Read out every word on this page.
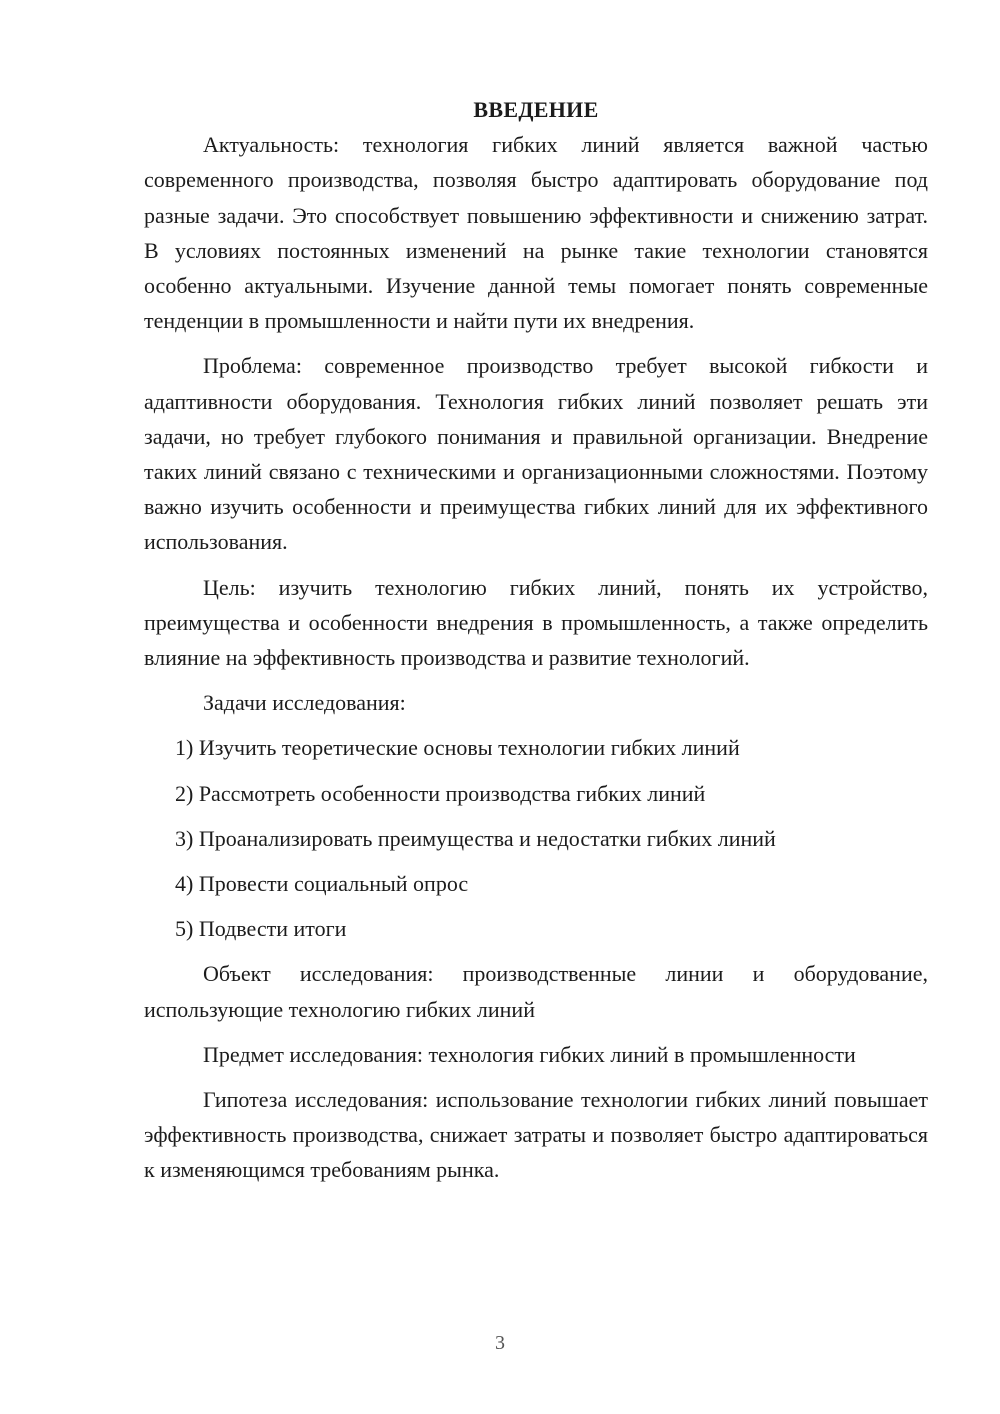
ВВЕДЕНИЕ

Актуальность: технология гибких линий является важной частью современного производства, позволяя быстро адаптировать оборудование под разные задачи. Это способствует повышению эффективности и снижению затрат. В условиях постоянных изменений на рынке такие технологии становятся особенно актуальными. Изучение данной темы помогает понять современные тенденции в промышленности и найти пути их внедрения.

Проблема: современное производство требует высокой гибкости и адаптивности оборудования. Технология гибких линий позволяет решать эти задачи, но требует глубокого понимания и правильной организации. Внедрение таких линий связано с техническими и организационными сложностями. Поэтому важно изучить особенности и преимущества гибких линий для их эффективного использования.

Цель: изучить технологию гибких линий, понять их устройство, преимущества и особенности внедрения в промышленность, а также определить влияние на эффективность производства и развитие технологий.

Задачи исследования:

1) Изучить теоретические основы технологии гибких линий
2) Рассмотреть особенности производства гибких линий
3) Проанализировать преимущества и недостатки гибких линий
4) Провести социальный опрос
5) Подвести итоги

Объект исследования: производственные линии и оборудование, использующие технологию гибких линий

Предмет исследования: технология гибких линий в промышленности

Гипотеза исследования: использование технологии гибких линий повышает эффективность производства, снижает затраты и позволяет быстро адаптироваться к изменяющимся требованиям рынка.

3
